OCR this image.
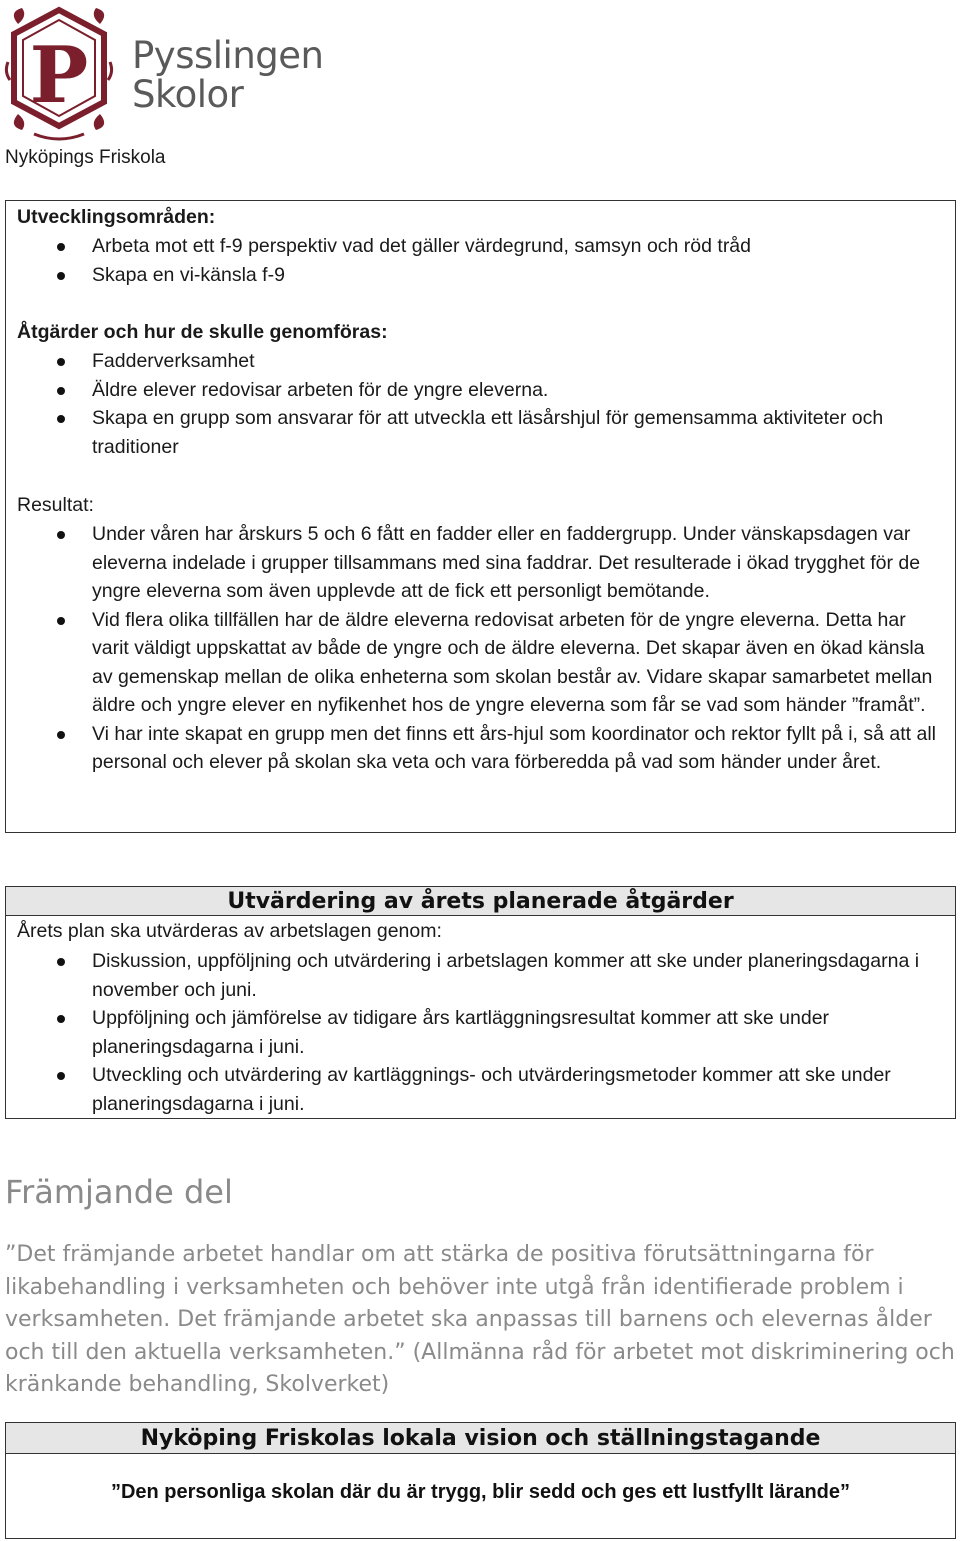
P Pysslingen
Skolor
Nyköpings Friskola
Utvecklingsområden:
Arbeta mot ett f-9 perspektiv vad det gäller värdegrund, samsyn och röd tråd
Skapa en vi-känsla f-9
Åtgärder och hur de skulle genomföras:
Fadderverksamhet
Äldre elever redovisar arbeten för de yngre eleverna.
Skapa en grupp som ansvarar för att utveckla ett läsårshjul för gemensamma aktiviteter och traditioner
Resultat:
Under våren har årskurs 5 och 6 fått en fadder eller en faddergrupp. Under vänskapsdagen var eleverna indelade i grupper tillsammans med sina faddrar. Det resulterade i ökad trygghet för de yngre eleverna som även upplevde att de fick ett personligt bemötande.
Vid flera olika tillfällen har de äldre eleverna redovisat arbeten för de yngre eleverna. Detta har varit väldigt uppskattat av både de yngre och de äldre eleverna. Det skapar även en ökad känsla av gemenskap mellan de olika enheterna som skolan består av. Vidare skapar samarbetet mellan äldre och yngre elever en nyfikenhet hos de yngre eleverna som får se vad som händer ”framåt”.
Vi har inte skapat en grupp men det finns ett års-hjul som koordinator och rektor fyllt på i, så att all personal och elever på skolan ska veta och vara förberedda på vad som händer under året.
Utvärdering av årets planerade åtgärder
Årets plan ska utvärderas av arbetslagen genom:
Diskussion, uppföljning och utvärdering i arbetslagen kommer att ske under planeringsdagarna i november och juni.
Uppföljning och jämförelse av tidigare års kartläggningsresultat kommer att ske under planeringsdagarna i juni.
Utveckling och utvärdering av kartläggnings- och utvärderingsmetoder kommer att ske under planeringsdagarna i juni.
Främjande del
”Det främjande arbetet handlar om att stärka de positiva förutsättningarna för likabehandling i verksamheten och behöver inte utgå från identifierade problem i verksamheten. Det främjande arbetet ska anpassas till barnens och elevernas ålder och till den aktuella verksamheten.” (Allmänna råd för arbetet mot diskriminering och kränkande behandling, Skolverket)
Nyköping Friskolas lokala vision och ställningstagande
”Den personliga skolan där du är trygg, blir sedd och ges ett lustfyllt lärande”
